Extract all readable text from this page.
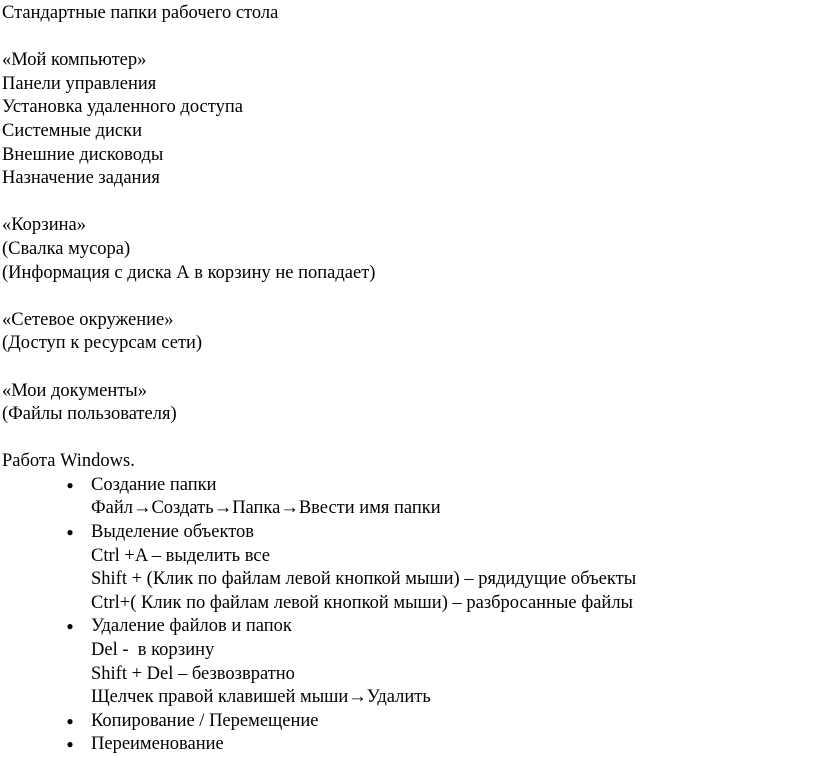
Стандартные папки рабочего стола
«Мой компьютер»
Панели управления
Установка удаленного доступа
Системные диски
Внешние дисководы
Назначение задания
«Корзина»
(Свалка мусора)
(Информация с диска А в корзину не попадает)
«Сетевое окружение»
(Доступ к ресурсам сети)
«Мои документы»
(Файлы пользователя)
Работа Windows.
● Создание папки
Файл→Создать→Папка→Ввести имя папки
● Выделение объектов
Ctrl +A – выделить все
Shift + (Клик по файлам левой кнопкой мыши) – рядидущие объекты
Ctrl+( Клик по файлам левой кнопкой мыши) – разбросанные файлы
● Удаление файлов и папок
Del -  в корзину
Shift + Del – безвозвратно
Щелчек правой клавишей мыши→Удалить
● Копирование / Перемещение
● Переименование
